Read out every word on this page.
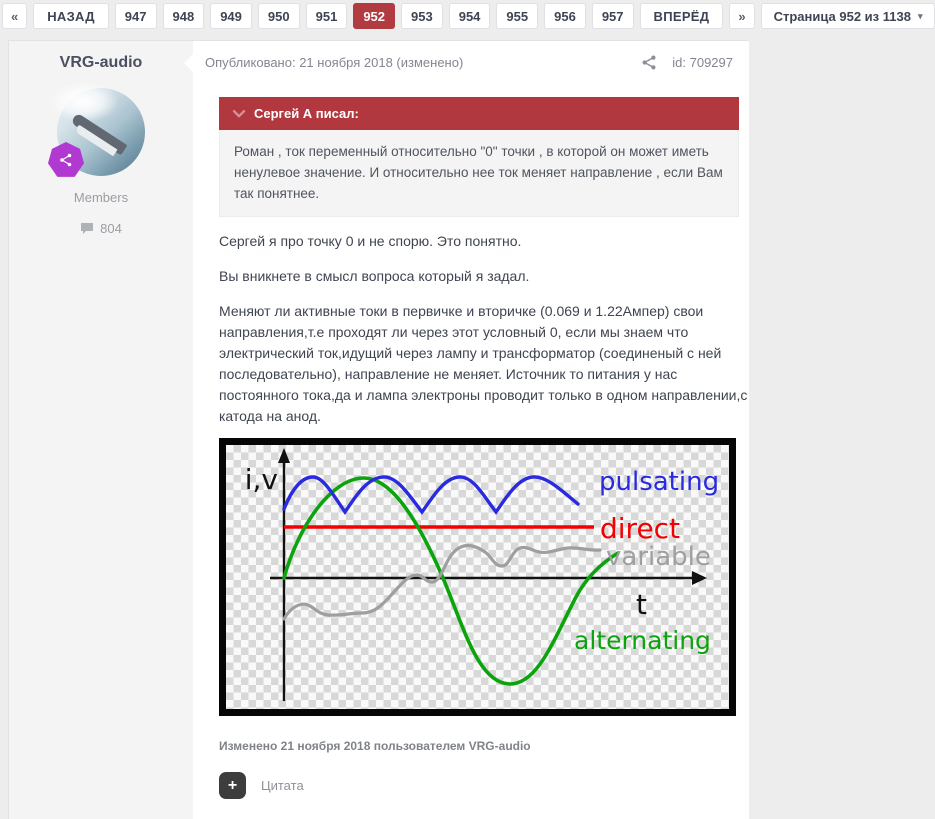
«	НАЗАД	947	948	949	950	951	952	953	954	955	956	957	ВПЕРЁД	»	Страница 952 из 1138 ▾
VRG-audio
Members
804
Опубликовано: 21 ноября 2018 (изменено)	id: 709297
Сергей А писал:
Роман , ток переменный относительно "0" точки , в которой он может иметь ненулевое значение. И относительно нее ток меняет направление , если Вам так понятнее.

Сергей я про точку 0 и не спорю. Это понятно.

Вы вникнете в смысл вопроса который я задал.

Меняют ли активные токи в первичке и вторичке (0.069 и 1.22Ампер) свои направления,т.е проходят ли через этот условный 0, если мы знаем что электрический ток,идущий через лампу и трансформатор (соединеный с ней последовательно), направление не меняет. Источник то питания у нас постоянного тока,да и лампа электроны проводит только в одном направлении,с катода на анод.

i,v
t
pulsating
direct
variable
alternating
Изменено 21 ноября 2018 пользователем VRG-audio
+ Цитата
